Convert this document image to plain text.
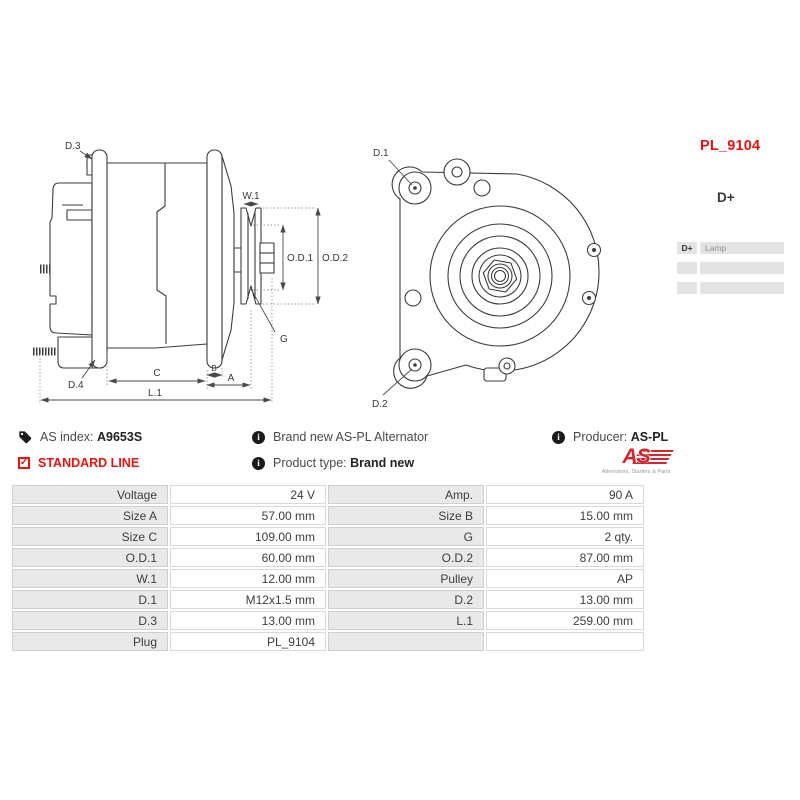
D.3
W.1
O.D.1 O.D.2
G
D.4
C	B
A
L.1
D.1
D.2
PL_9104
D+
D+	Lamp
AS index: A9653S
✓ STANDARD LINE
i	Brand new AS-PL Alternator
i	Product type: Brand new
i	Producer: AS-PL
AS
Alternators, Starters & Parts
Voltage	24 V	Amp.	90 A
Size A	57.00 mm	Size B	15.00 mm
Size C	109.00 mm	G	2 qty.
O.D.1	60.00 mm	O.D.2	87.00 mm
W.1	12.00 mm	Pulley	AP
D.1	M12x1.5 mm	D.2	13.00 mm
D.3	13.00 mm	L.1	259.00 mm
Plug	PL_9104		
